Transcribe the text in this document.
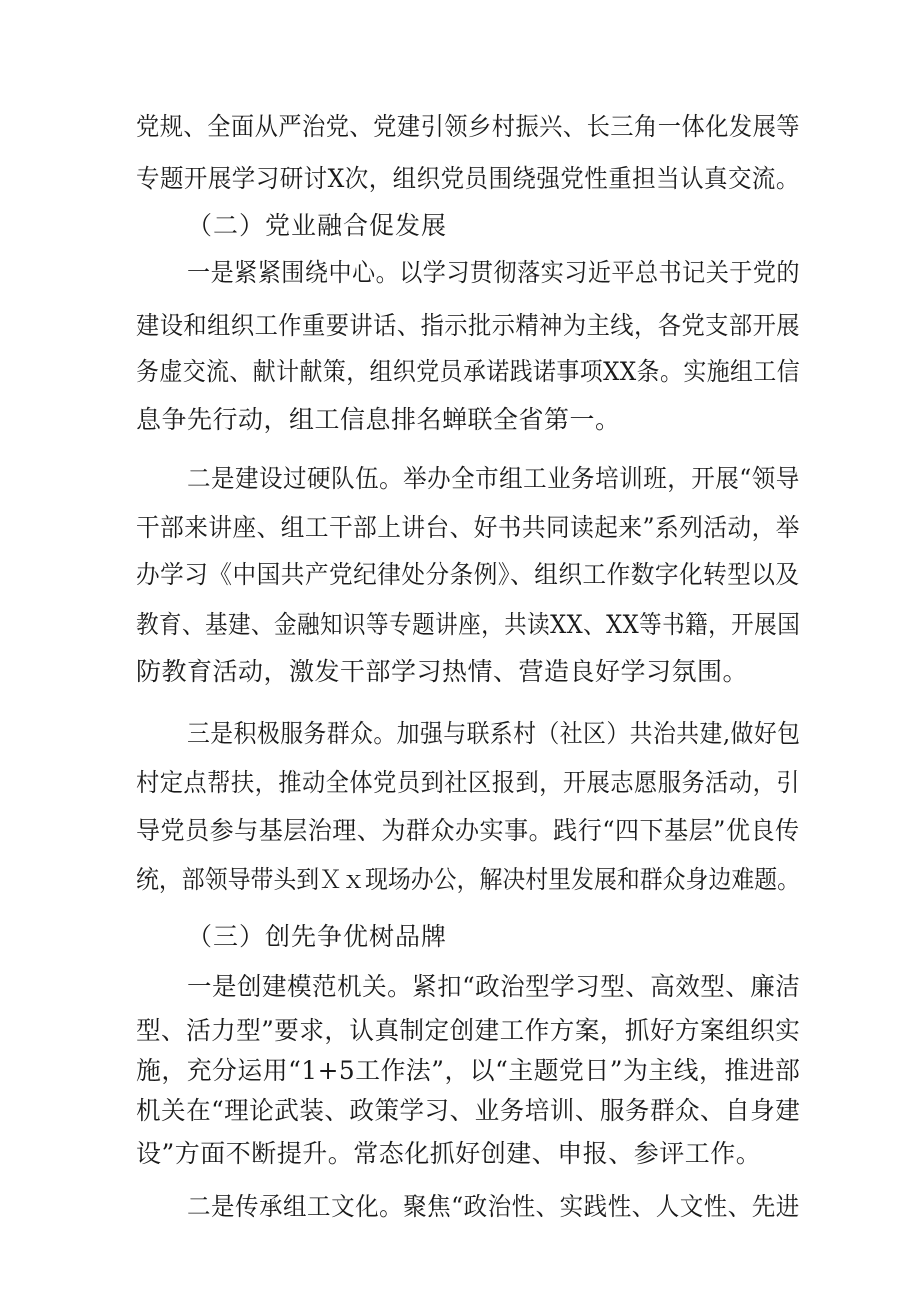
党规、全面从严治党、党建引领乡村振兴、长三角一体化发展等
专题开展学习研讨X次，组织党员围绕强党性重担当认真交流。
（二）党业融合促发展
一是紧紧围绕中心。以学习贯彻落实习近平总书记关于党的
建设和组织工作重要讲话、指示批示精神为主线，各党支部开展
务虚交流、献计献策，组织党员承诺践诺事项XX条。实施组工信
息争先行动，组工信息排名蝉联全省第一。
二是建设过硬队伍。举办全市组工业务培训班，开展“领导
干部来讲座、组工干部上讲台、好书共同读起来”系列活动，举
办学习《中国共产党纪律处分条例》、组织工作数字化转型以及
教育、基建、金融知识等专题讲座，共读XX、XX等书籍，开展国
防教育活动，激发干部学习热情、营造良好学习氛围。
三是积极服务群众。加强与联系村（社区）共治共建,做好包
村定点帮扶，推动全体党员到社区报到，开展志愿服务活动，引
导党员参与基层治理、为群众办实事。践行“四下基层”优良传
统，部领导带头到Ｘｘ现场办公，解决村里发展和群众身边难题。
（三）创先争优树品牌
一是创建模范机关。紧扣“政治型学习型、高效型、廉洁
型、活力型”要求，认真制定创建工作方案，抓好方案组织实
施，充分运用“1+5工作法”，以“主题党日”为主线，推进部
机关在“理论武装、政策学习、业务培训、服务群众、自身建
设”方面不断提升。常态化抓好创建、申报、参评工作。
二是传承组工文化。聚焦“政治性、实践性、人文性、先进
